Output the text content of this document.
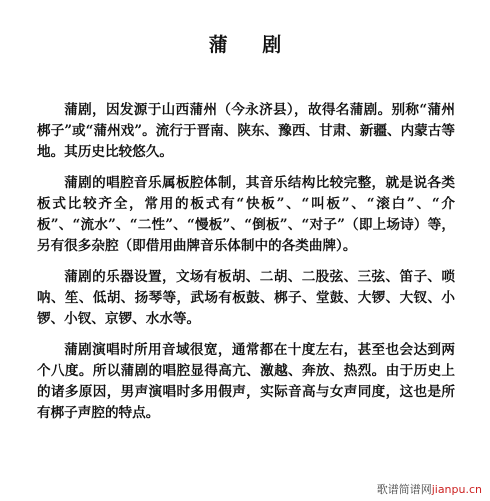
蒲 剧

蒲剧，因发源于山西蒲州（今永济县），故得名蒲剧。别称“蒲州梆子”或“蒲州戏”。流行于晋南、陕东、豫西、甘肃、新疆、内蒙古等地。其历史比较悠久。

蒲剧的唱腔音乐属板腔体制，其音乐结构比较完整，就是说各类板式比较齐全，常用的板式有“快板”、“叫板”、“滚白”、“介板”、“流水”、“二性”、“慢板”、“倒板”、“对子”（即上场诗）等，另有很多杂腔（即借用曲牌音乐体制中的各类曲牌）。

蒲剧的乐器设置，文场有板胡、二胡、二股弦、三弦、笛子、唢呐、笙、低胡、扬琴等，武场有板鼓、梆子、堂鼓、大锣、大钗、小锣、小钗、京锣、水水等。

蒲剧演唱时所用音域很宽，通常都在十度左右，甚至也会达到两个八度。所以蒲剧的唱腔显得高亢、激越、奔放、热烈。由于历史上的诸多原因，男声演唱时多用假声，实际音高与女声同度，这也是所有梆子声腔的特点。

歌谱简谱网jianpu.cn
